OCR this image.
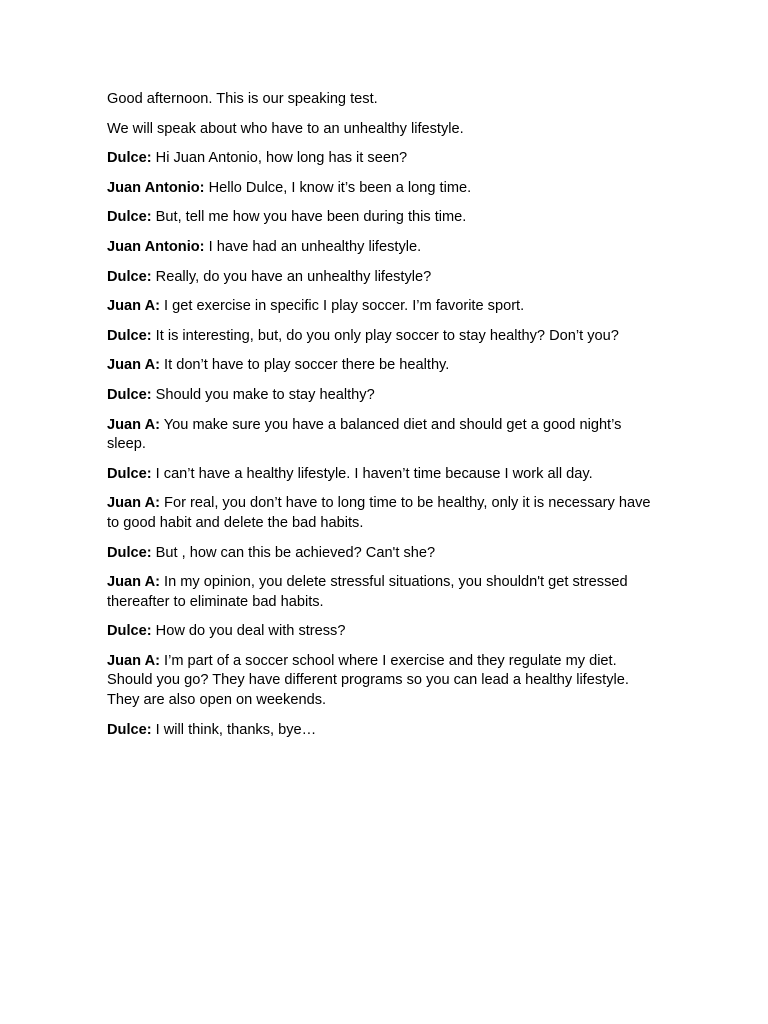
Good afternoon. This is our speaking test.

We will speak about who have to an unhealthy lifestyle.

Dulce: Hi Juan Antonio, how long has it seen?

Juan Antonio: Hello Dulce, I know it’s been a long time.

Dulce: But, tell me how you have been during this time.

Juan Antonio: I have had an unhealthy lifestyle.

Dulce: Really, do you have an unhealthy lifestyle?

Juan A: I get exercise in specific I play soccer. I’m favorite sport.

Dulce: It is interesting, but, do you only play soccer to stay healthy? Don’t you?

Juan A: It don’t have to play soccer there be healthy.

Dulce: Should you make to stay healthy?

Juan A: You make sure you have a balanced diet and should get a good night’s sleep.

Dulce: I can’t have a healthy lifestyle. I haven’t time because I work all day.

Juan A: For real, you don’t have to long time to be healthy, only it is necessary have to good habit and delete the bad habits.

Dulce: But , how can this be achieved? Can't she?

Juan A: In my opinion, you delete stressful situations, you shouldn't get stressed thereafter to eliminate bad habits.

Dulce: How do you deal with stress?

Juan A: I’m part of a soccer school where I exercise and they regulate my diet. Should you go? They have different programs so you can lead a healthy lifestyle. They are also open on weekends.

Dulce: I will think, thanks, bye…
